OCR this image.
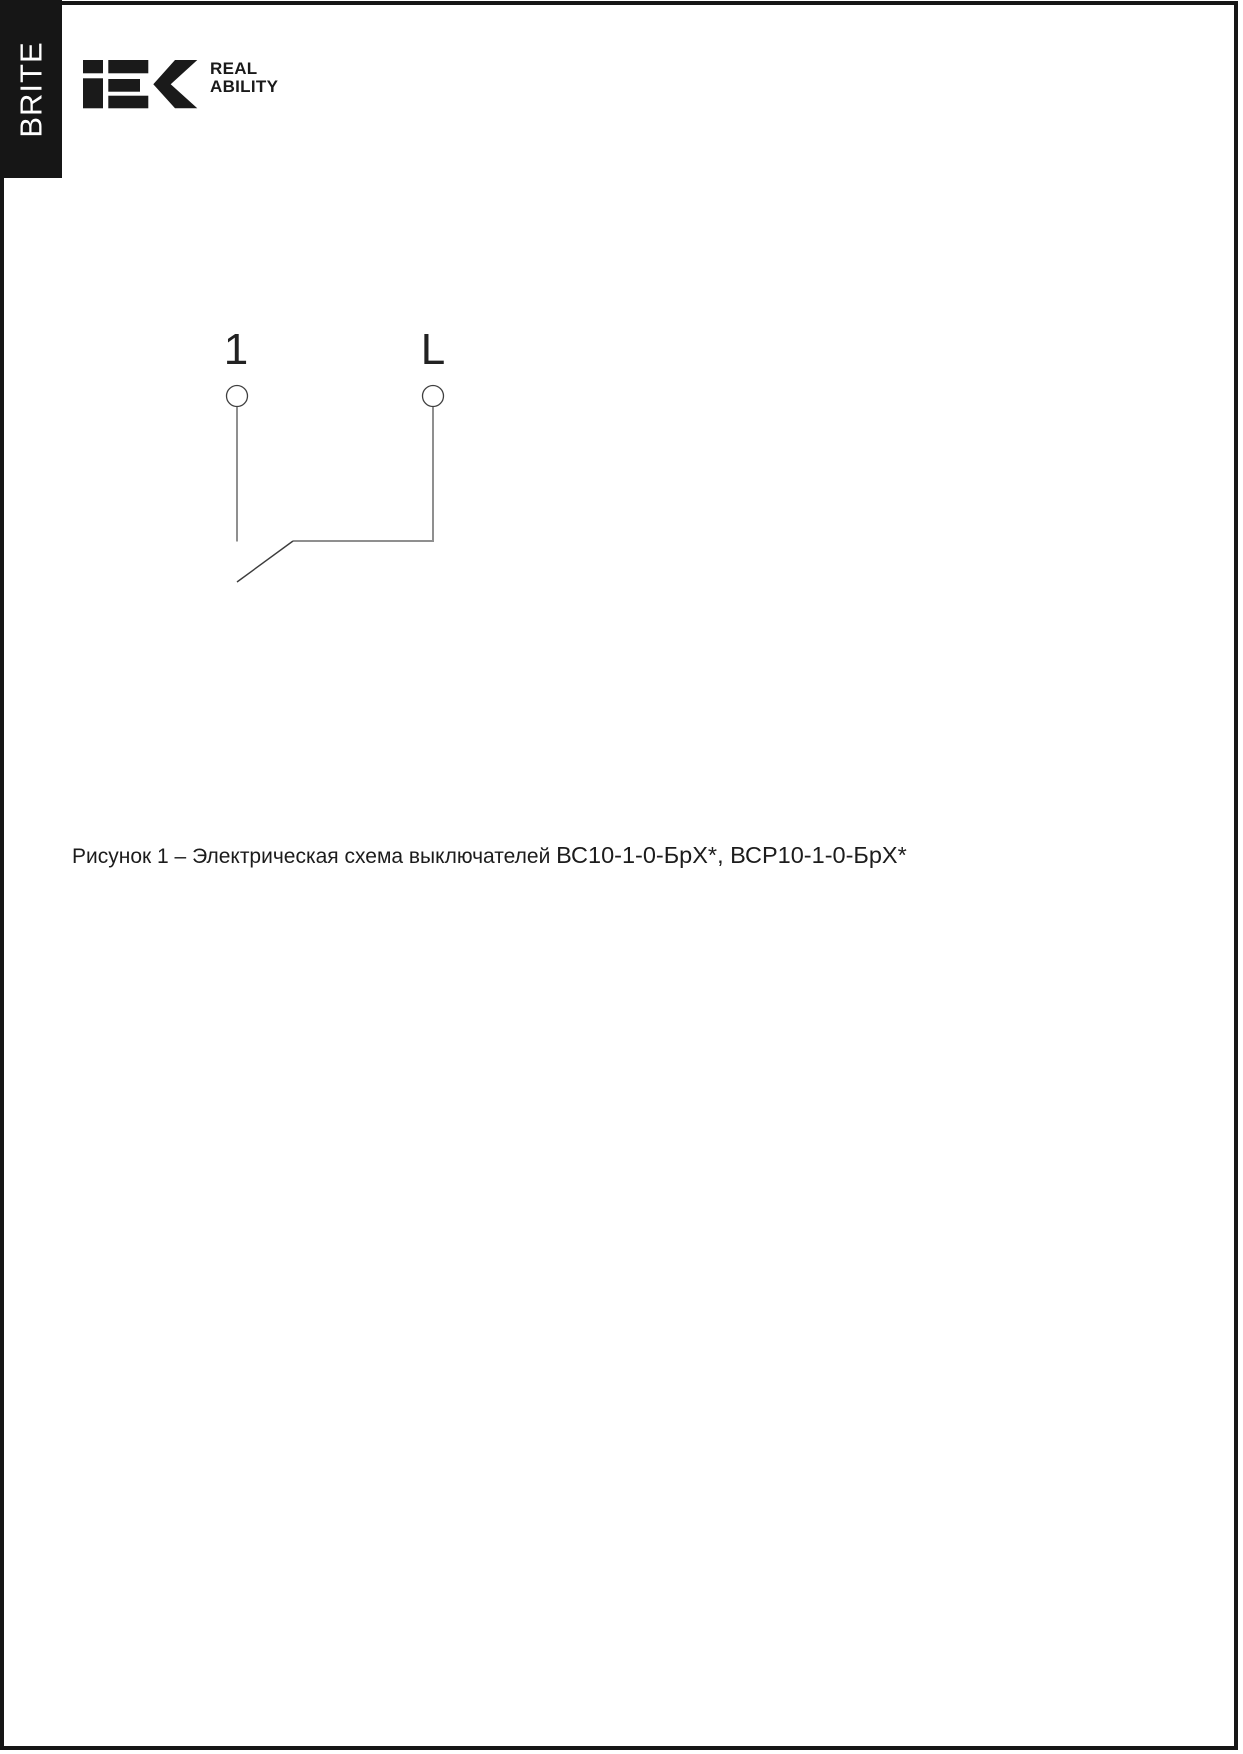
BRITE	REAL
ABILITY
1	L
Рисунок 1 – Электрическая схема выключателей ВС10-1-0-БрХ*, ВСР10-1-0-БрХ*
